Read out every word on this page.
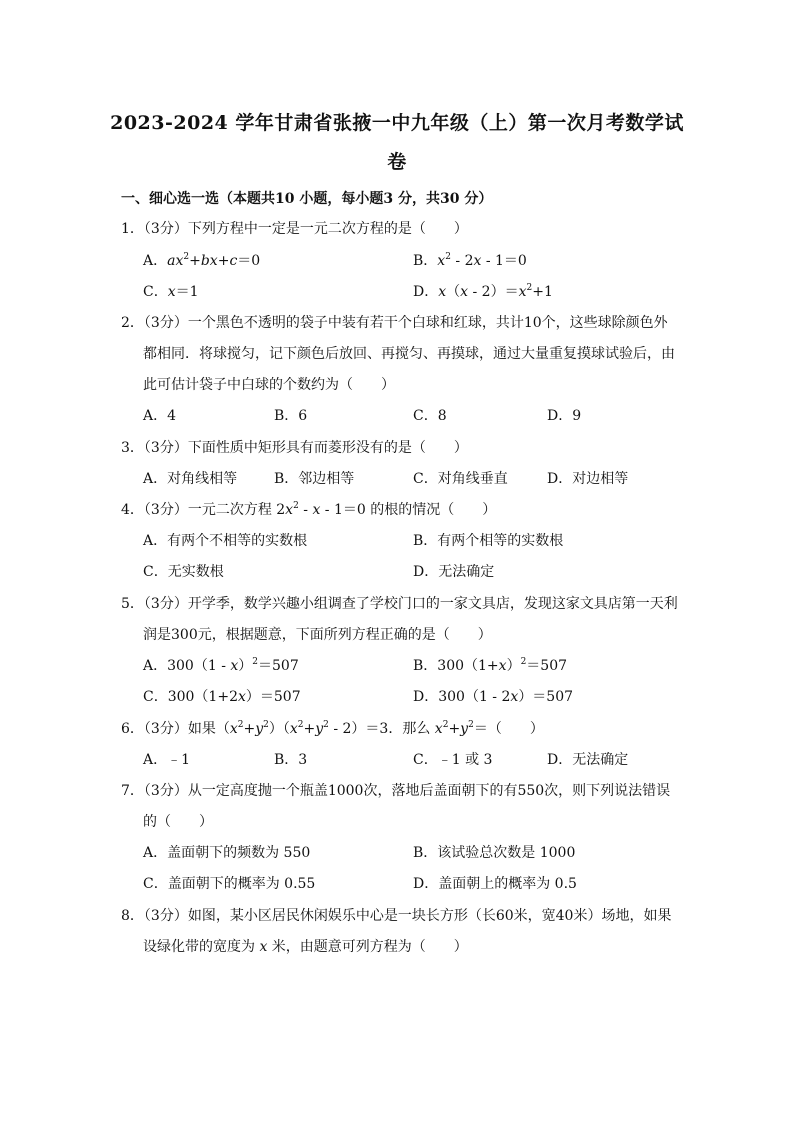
2023-2024 学年甘肃省张掖一中九年级（上）第一次月考数学试
卷
一、细心选一选（本题共10 小题，每小题3 分，共30 分）
1．（3分）下列方程中一定是一元二次方程的是（　　）
A．$ax^2+bx+c=0$	B．$x^2 - 2x - 1=0$
C．x＝1	D．$x(x - 2)=x^2+1$
2．（3分）一个黑色不透明的袋子中装有若干个白球和红球，共计10个，这些球除颜色外
都相同．将球搅匀，记下颜色后放回、再搅匀、再摸球，通过大量重复摸球试验后，由
此可估计袋子中白球的个数约为（　　）
A．4	B．6	C．8	D．9
3．（3分）下面性质中矩形具有而菱形没有的是（　　）
A．对角线相等	B．邻边相等	C．对角线垂直	D．对边相等
4．（3分）一元二次方程 $2x^2 - x - 1=0$ 的根的情况（　　）
A．有两个不相等的实数根	B．有两个相等的实数根
C．无实数根	D．无法确定
5．（3分）开学季，数学兴趣小组调查了学校门口的一家文具店，发现这家文具店第一天利
润是300元，根据题意，下面所列方程正确的是（　　）
A．300（1 - x）$^2$＝507	B．$300(1+x)^2=507$
C．300（1+2x）＝507	D．300（1 - 2x）＝507
6．（3分）如果$(x^2+y^2)(x^2+y^2 - 2)=3$．那么 $x^2+y^2=$（　　）
A．﹣1	B．3	C．﹣1 或 3	D．无法确定
7．（3分）从一定高度抛一个瓶盖1000次，落地后盖面朝下的有550次，则下列说法错误
的（　　）
A．盖面朝下的频数为 550	B．该试验总次数是 1000
C．盖面朝下的概率为 0.55	D．盖面朝上的概率为 0.5
8．（3分）如图，某小区居民休闲娱乐中心是一块长方形（长60米，宽40米）场地，如果
设绿化带的宽度为 x 米，由题意可列方程为（　　）
